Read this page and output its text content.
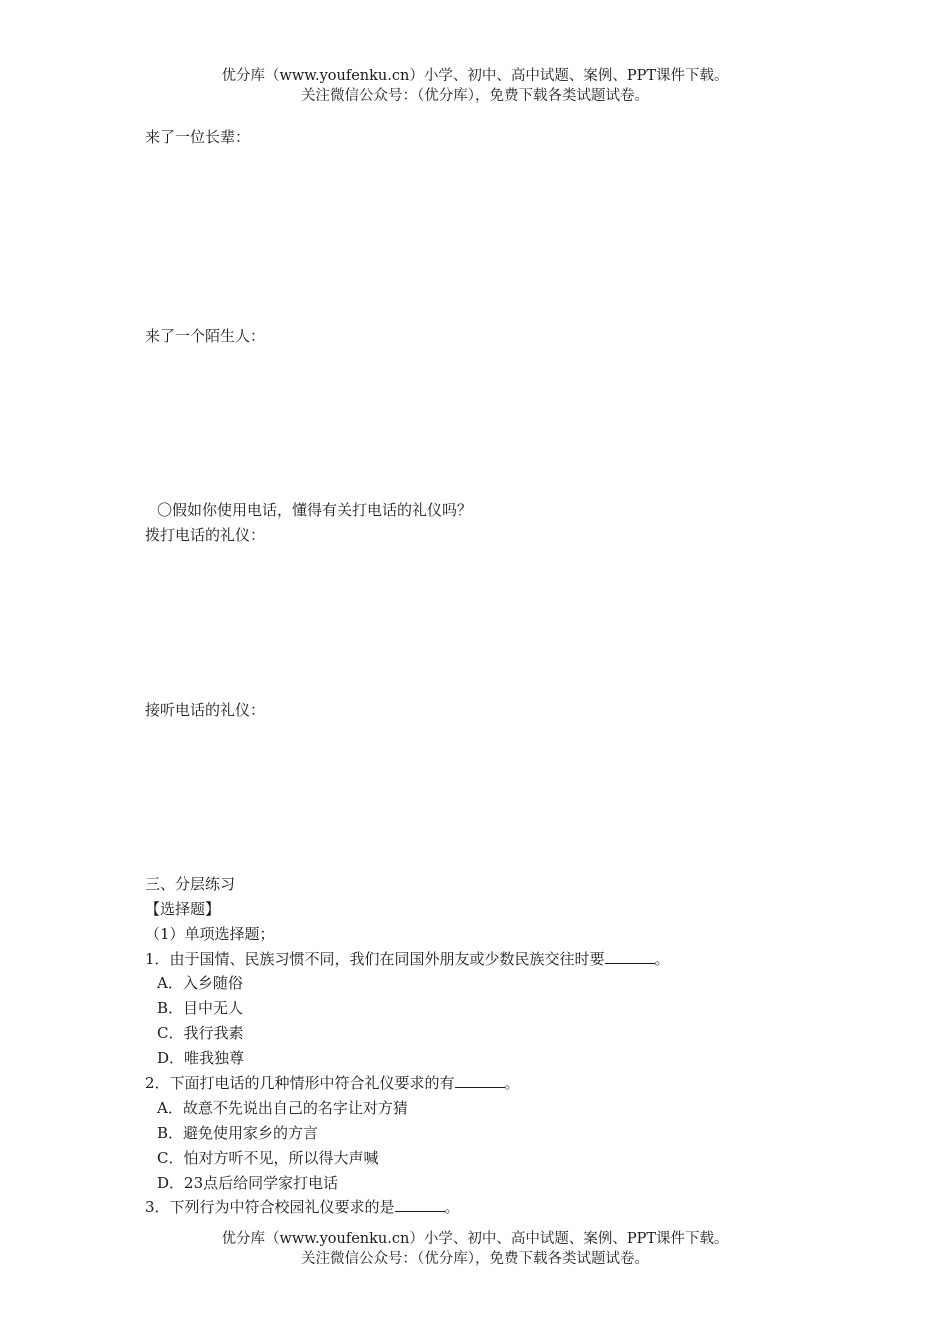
优分库（www.youfenku.cn）小学、初中、高中试题、案例、PPT课件下载。
关注微信公众号：（优分库），免费下载各类试题试卷。
来了一位长辈：
来了一个陌生人：
〇假如你使用电话，懂得有关打电话的礼仪吗？
拨打电话的礼仪：
接听电话的礼仪：
三、分层练习
【选择题】
（1）单项选择题；
1．由于国情、民族习惯不同，我们在同国外朋友或少数民族交往时要	。
A．入乡随俗
B．目中无人
C．我行我素
D．唯我独尊
2．下面打电话的几种情形中符合礼仪要求的有	。
A．故意不先说出自己的名字让对方猜
B．避免使用家乡的方言
C．怕对方听不见，所以得大声喊
D．23点后给同学家打电话
3．下列行为中符合校园礼仪要求的是	。
优分库（www.youfenku.cn）小学、初中、高中试题、案例、PPT课件下载。
关注微信公众号：（优分库），免费下载各类试题试卷。
